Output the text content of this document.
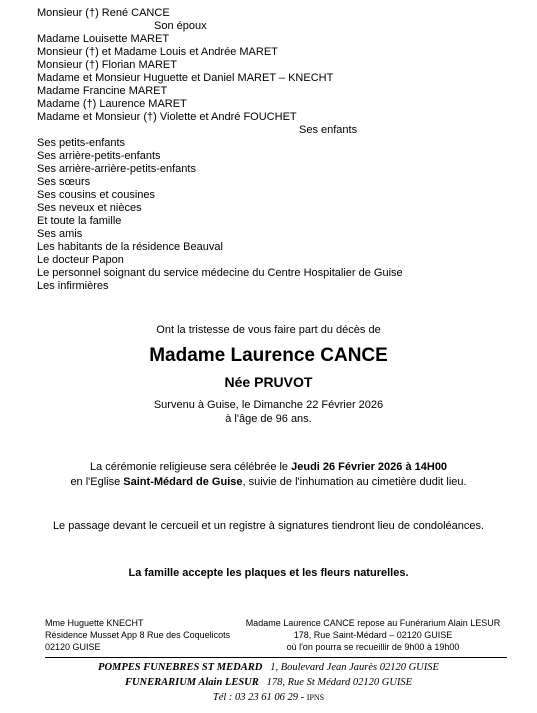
Monsieur (†) René CANCE
Son époux
Madame Louisette MARET
Monsieur (†) et Madame Louis et Andrée MARET
Monsieur (†) Florian MARET
Madame et Monsieur Huguette et Daniel MARET – KNECHT
Madame Francine MARET
Madame (†) Laurence MARET
Madame et Monsieur (†) Violette et André FOUCHET
Ses enfants
Ses petits-enfants
Ses arrière-petits-enfants
Ses arrière-arrière-petits-enfants
Ses sœurs
Ses cousins et cousines
Ses neveux et nièces
Et toute la famille
Ses amis
Les habitants de la résidence Beauval
Le docteur Papon
Le personnel soignant du service médecine du Centre Hospitalier de Guise
Les infirmières
Ont la tristesse de vous faire part du décès de
Madame Laurence CANCE
Née PRUVOT
Survenu à Guise, le Dimanche 22 Février 2026
à l'âge de 96 ans.
La cérémonie religieuse sera célébrée le Jeudi 26 Février 2026 à 14H00
en l'Eglise Saint-Médard de Guise, suivie de l'inhumation au cimetière dudit lieu.
Le passage devant le cercueil et un registre à signatures tiendront lieu de condoléances.
La famille accepte les plaques et les fleurs naturelles.
Mme Huguette KNECHT
Résidence Musset App 8 Rue des Coquelicots
02120 GUISE
Madame Laurence CANCE repose au Funérarium Alain LESUR
178, Rue Saint-Médard – 02120 GUISE
où l'on pourra se recueillir de 9h00 à 19h00
POMPES FUNEBRES ST MEDARD 1, Boulevard Jean Jaurès 02120 GUISE
FUNERARIUM Alain LESUR 178, Rue St Médard 02120 GUISE
Tél : 03 23 61 06 29 - IPNS
